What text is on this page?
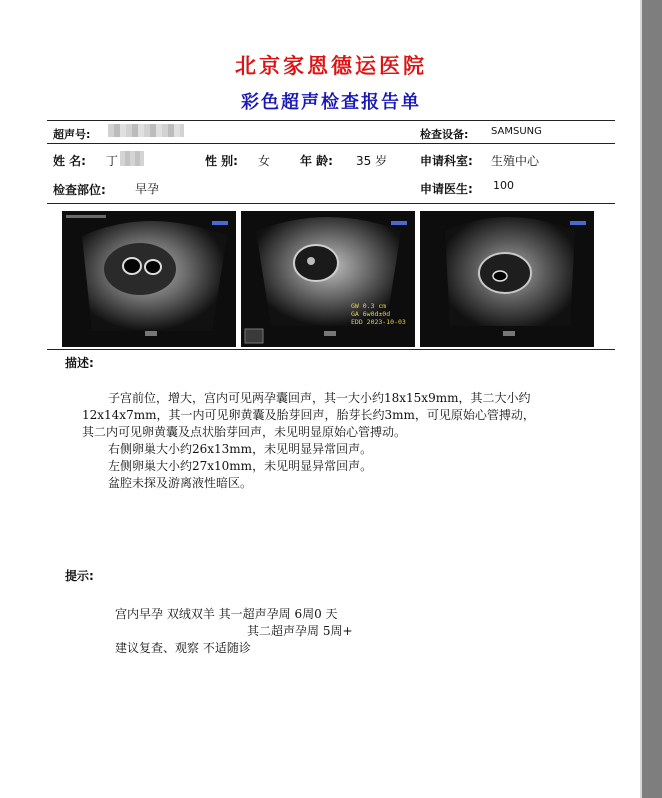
北京家恩德运医院
彩色超声检查报告单
超声号:	检查设备: SAMSUNG
姓 名: 丁	性 别: 女 年 龄: 35 岁	申请科室: 生殖中心
检查部位: 早孕	申请医生: 100
GW 0.3 cm
GA 6w0d±0d
EDD 2023-10-03
描述:
子宫前位，增大，宫内可见两孕囊回声，其一大小约18x15x9mm，其二大小约
12x14x7mm，其一内可见卵黄囊及胎芽回声，胎芽长约3mm，可见原始心管搏动，
其二内可见卵黄囊及点状胎芽回声，未见明显原始心管搏动。
右侧卵巢大小约26x13mm，未见明显异常回声。
左侧卵巢大小约27x10mm，未见明显异常回声。
盆腔未探及游离液性暗区。
提示:
宫内早孕 双绒双羊 其一超声孕周 6周0 天
其二超声孕周 5周+
建议复查、观察 不适随诊
